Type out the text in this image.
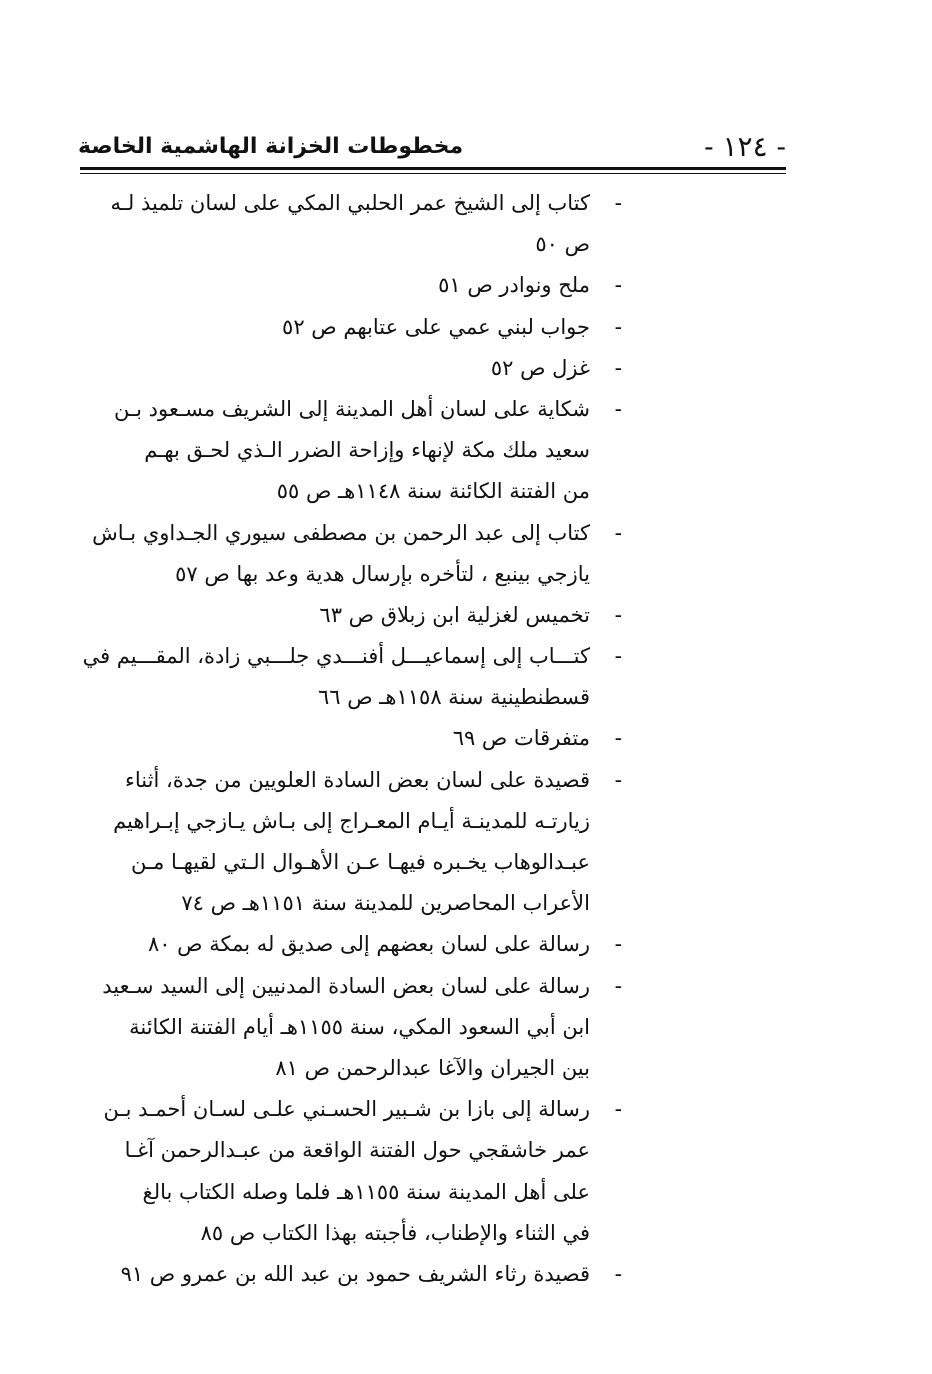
- ١٢٤ -
مخطوطات الخزانة الهاشمية الخاصة
-
كتاب إلى الشيخ عمر الحلبي المكي على لسان تلميذ لـه
ص ٥٠
-
ملح ونوادر ص ٥١
-
جواب لبني عمي على عتابهم ص ٥٢
-
غزل ص ٥٢
-
شكاية على لسان أهل المدينة إلى الشريف مسـعود بـن
سعيد ملك مكة لإنهاء وإزاحة الضرر الـذي لحـق بهـم
من الفتنة الكائنة سنة ١١٤٨هـ ص ٥٥
-
كتاب إلى عبد الرحمن بن مصطفى سيوري الجـداوي بـاش
يازجي بينبع ، لتأخره بإرسال هدية وعد بها ص ٥٧
-
تخميس لغزلية ابن زبلاق ص ٦٣
-
كتـــاب إلى إسماعيـــل أفنـــدي جلـــبي زادة، المقـــيم في
قسطنطينية سنة ١١٥٨هـ ص ٦٦
-
متفرقات ص ٦٩
-
قصيدة على لسان بعض السادة العلويين من جدة، أثناء
زيارتـه للمدينـة أيـام المعـراج إلى بـاش يـازجي إبـراهيم
عبـدالوهاب يخـبره فيهـا عـن الأهـوال الـتي لقيهـا مـن
الأعراب المحاصرين للمدينة سنة ١١٥١هـ ص ٧٤
-
رسالة على لسان بعضهم إلى صديق له بمكة ص ٨٠
-
رسالة على لسان بعض السادة المدنيين إلى السيد سـعيد
ابن أبي السعود المكي، سنة ١١٥٥هـ أيام الفتنة الكائنة
بين الجيران والآغا عبدالرحمن ص ٨١
-
رسالة إلى بازا بن شـبير الحسـني علـى لسـان أحمـد بـن
عمر خاشقجي حول الفتنة الواقعة من عبـدالرحمن آغـا
على أهل المدينة سنة ١١٥٥هـ فلما وصله الكتاب بالغ
في الثناء والإطناب، فأجبته بهذا الكتاب ص ٨٥
-
قصيدة رثاء الشريف حمود بن عبد الله بن عمرو ص ٩١
